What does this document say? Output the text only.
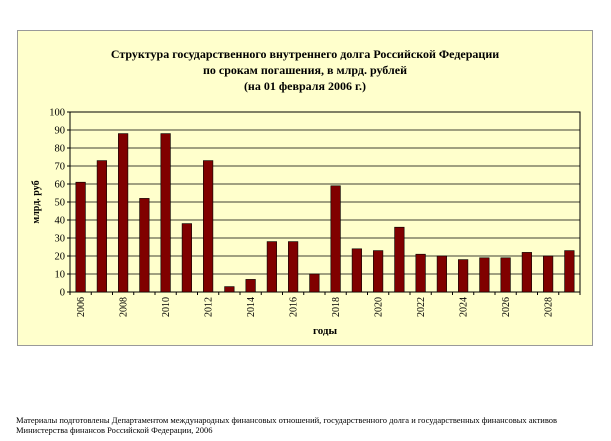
Структура государственного внутреннего долга Российской Федерации
по срокам погашения, в млрд. рублей
(на 01 февраля 2006 г.)
0
10
20
30
40
50
60
70
80
90
100
2006	2008	2010	2012	2014	2016	2018	2020	2022	2024	2026	2028
годы
млрд. руб
Материалы подготовлены Департаментом международных финансовых отношений, государственного долга и государственных финансовых активов
Министерства финансов Российской Федерации, 2006
